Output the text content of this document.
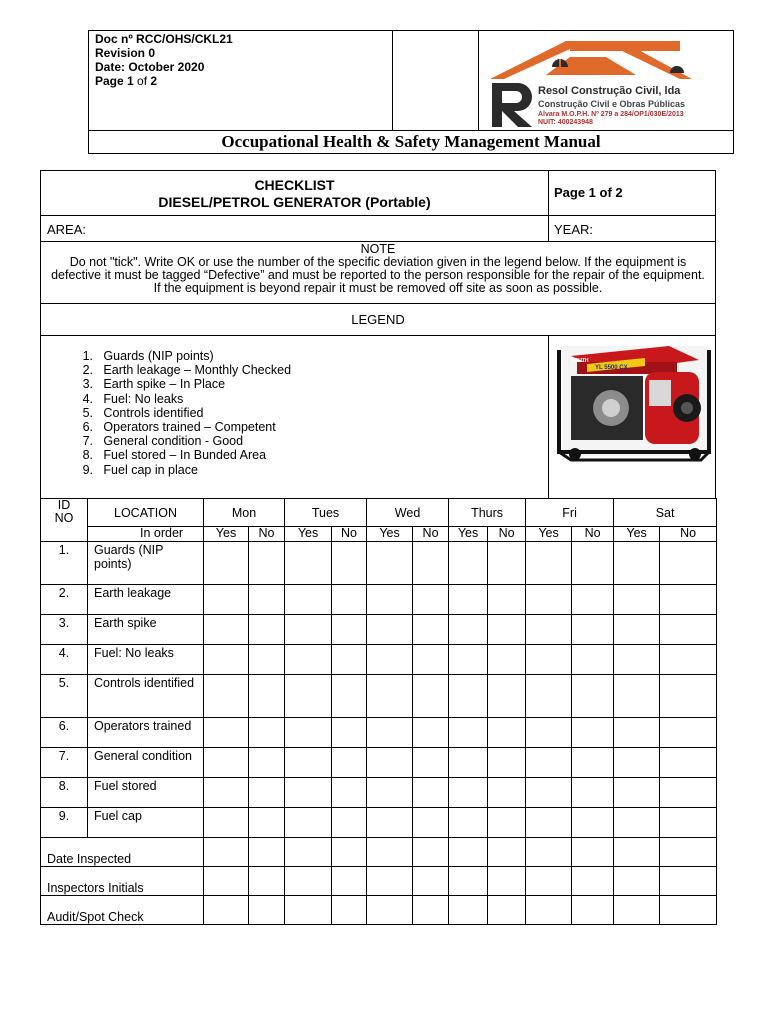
Doc nº RCC/OHS/CKL21
Revision 0
Date: October 2020
Page 1 of 2
Resol Construção Civil, lda
Construção Civil e Obras Públicas
Alvara M.O.P.H. Nº 279 a 284/OP1/030E/2013
NUIT: 400243948
Occupational Health & Safety Management Manual
CHECKLIST
DIESEL/PETROL GENERATOR (Portable)
Page 1 of 2
AREA:	YEAR:
NOTE
Do not "tick". Write OK or use the number of the specific deviation given in the legend below. If the equipment is
defective it must be tagged “Defective” and must be reported to the person responsible for the repair of the equipment.
If the equipment is beyond repair it must be removed off site as soon as possible.
LEGEND
YL 5500 CX
YOUTH
1. Guards (NIP points)
2. Earth leakage – Monthly Checked
3. Earth spike – In Place
4. Fuel: No leaks
5. Controls identified
6. Operators trained – Competent
7. General condition - Good
8. Fuel stored – In Bunded Area
9. Fuel cap in place
ID
NO	LOCATION	Mon		Tues		Wed		Thurs		Fri		Sat	
	In order	Yes	No	Yes	No	Yes	No	Yes	No	Yes	No	Yes	No
1.	Guards (NIP points)												
2.	Earth leakage												
3.	Earth spike												
4.	Fuel: No leaks												
5.	Controls identified												
6.	Operators trained												
7.	General condition												
8.	Fuel stored												
9.	Fuel cap												
Date Inspected													
Inspectors Initials													
Audit/Spot Check													
